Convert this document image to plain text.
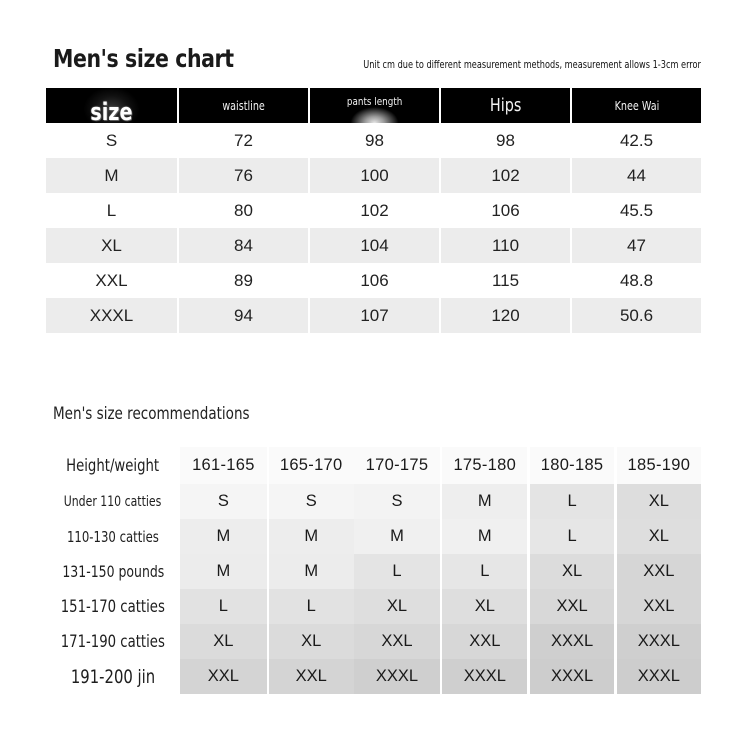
Men's size chart	Unit cm due to different measurement methods, measurement allows 1-3cm error
size	waistline	pants length	Hips	Knee Wai
S	72	98	98	42.5
M	76	100	102	44
L	80	102	106	45.5
XL	84	104	110	47
XXL	89	106	115	48.8
XXXL	94	107	120	50.6
Men's size recommendations
Height/weight	161-165	165-170	170-175	175-180	180-185	185-190
Under 110 catties	S	S	S	M	L	XL
110-130 catties	M	M	M	M	L	XL
131-150 pounds	M	M	L	L	XL	XXL
151-170 catties	L	L	XL	XL	XXL	XXL
171-190 catties	XL	XL	XXL	XXL	XXXL	XXXL
191-200 jin	XXL	XXL	XXXL	XXXL	XXXL	XXXL
